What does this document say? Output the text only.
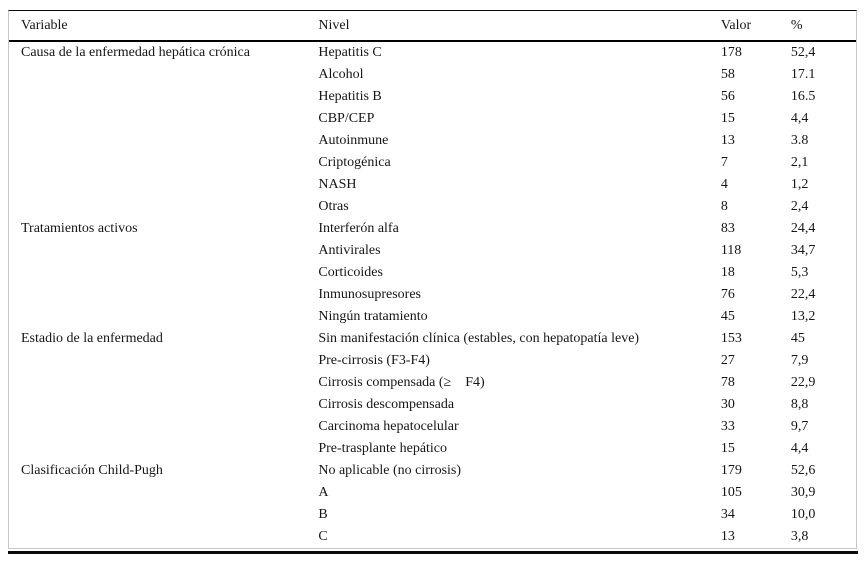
Variable	Nivel	Valor	%
Causa de la enfermedad hepática crónica	Hepatitis C	178	52,4
	Alcohol	58	17.1
	Hepatitis B	56	16.5
	CBP/CEP	15	4,4
	Autoinmune	13	3.8
	Criptogénica	7	2,1
	NASH	4	1,2
	Otras	8	2,4
Tratamientos activos	Interferón alfa	83	24,4
	Antivirales	118	34,7
	Corticoides	18	5,3
	Inmunosupresores	76	22,4
	Ningún tratamiento	45	13,2
Estadio de la enfermedad	Sin manifestación clínica (estables, con hepatopatía leve)	153	45
	Pre-cirrosis (F3-F4)	27	7,9
	Cirrosis compensada (≥    F4)	78	22,9
	Cirrosis descompensada	30	8,8
	Carcinoma hepatocelular	33	9,7
	Pre-trasplante hepático	15	4,4
Clasificación Child-Pugh	No aplicable (no cirrosis)	179	52,6
	A	105	30,9
	B	34	10,0
	C	13	3,8
